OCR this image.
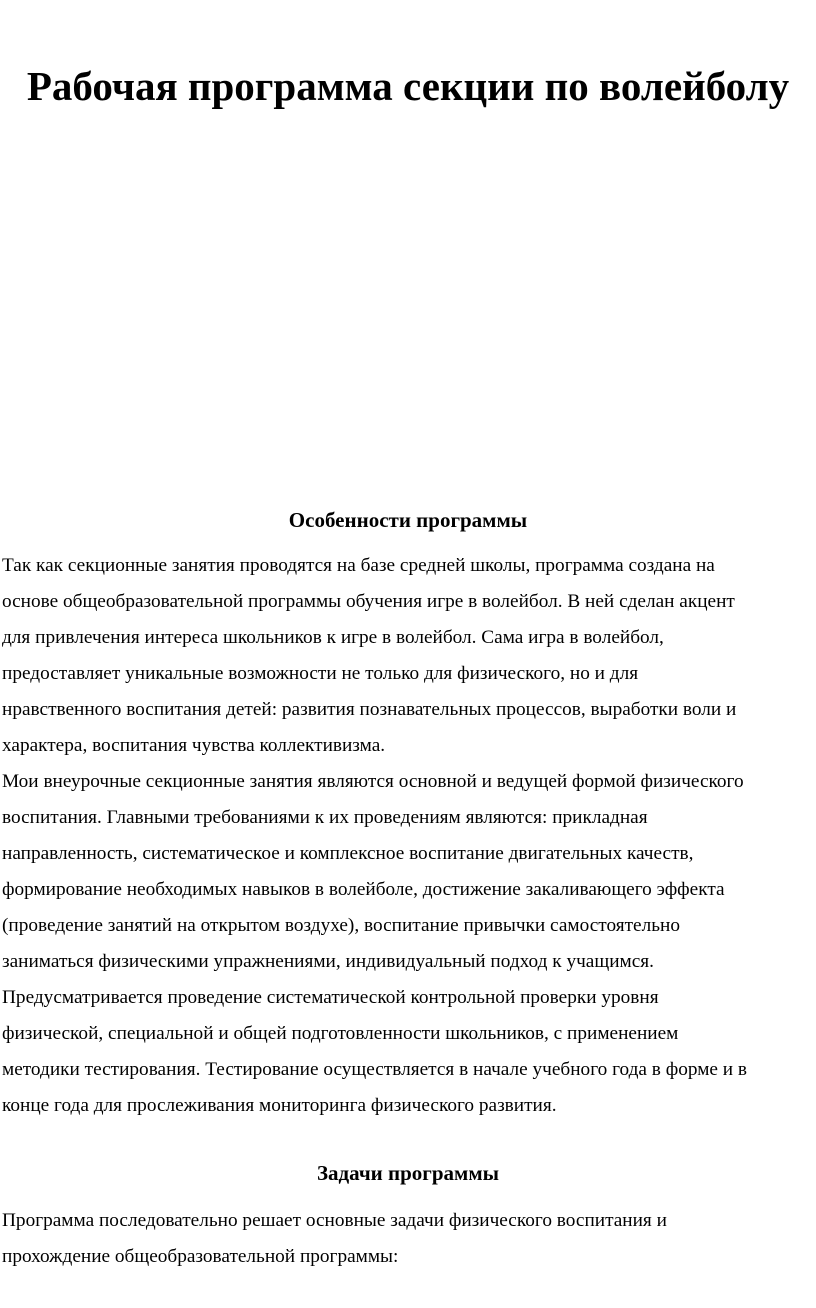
Рабочая программа секции по волейболу
Особенности программы

Так как секционные занятия проводятся на базе средней школы, программа создана на

основе общеобразовательной программы обучения игре в волейбол. В ней сделан акцент

для привлечения интереса школьников к игре в волейбол. Сама игра в волейбол,

предоставляет уникальные возможности не только для физического, но и для

нравственного воспитания детей: развития познавательных процессов, выработки воли и

характера, воспитания чувства коллективизма.

Мои внеурочные секционные занятия являются основной и ведущей формой физического

воспитания. Главными требованиями к их проведениям являются: прикладная

направленность, систематическое и комплексное воспитание двигательных качеств,

формирование необходимых навыков в волейболе, достижение закаливающего эффекта

(проведение занятий на открытом воздухе), воспитание привычки самостоятельно

заниматься физическими упражнениями, индивидуальный подход к учащимся.

Предусматривается проведение систематической контрольной проверки уровня

физической, специальной и общей подготовленности школьников, с применением

методики тестирования. Тестирование осуществляется в начале учебного года в форме и в

конце года для прослеживания мониторинга физического развития.

Задачи программы

Программа последовательно решает основные задачи физического воспитания и

прохождение общеобразовательной программы:
